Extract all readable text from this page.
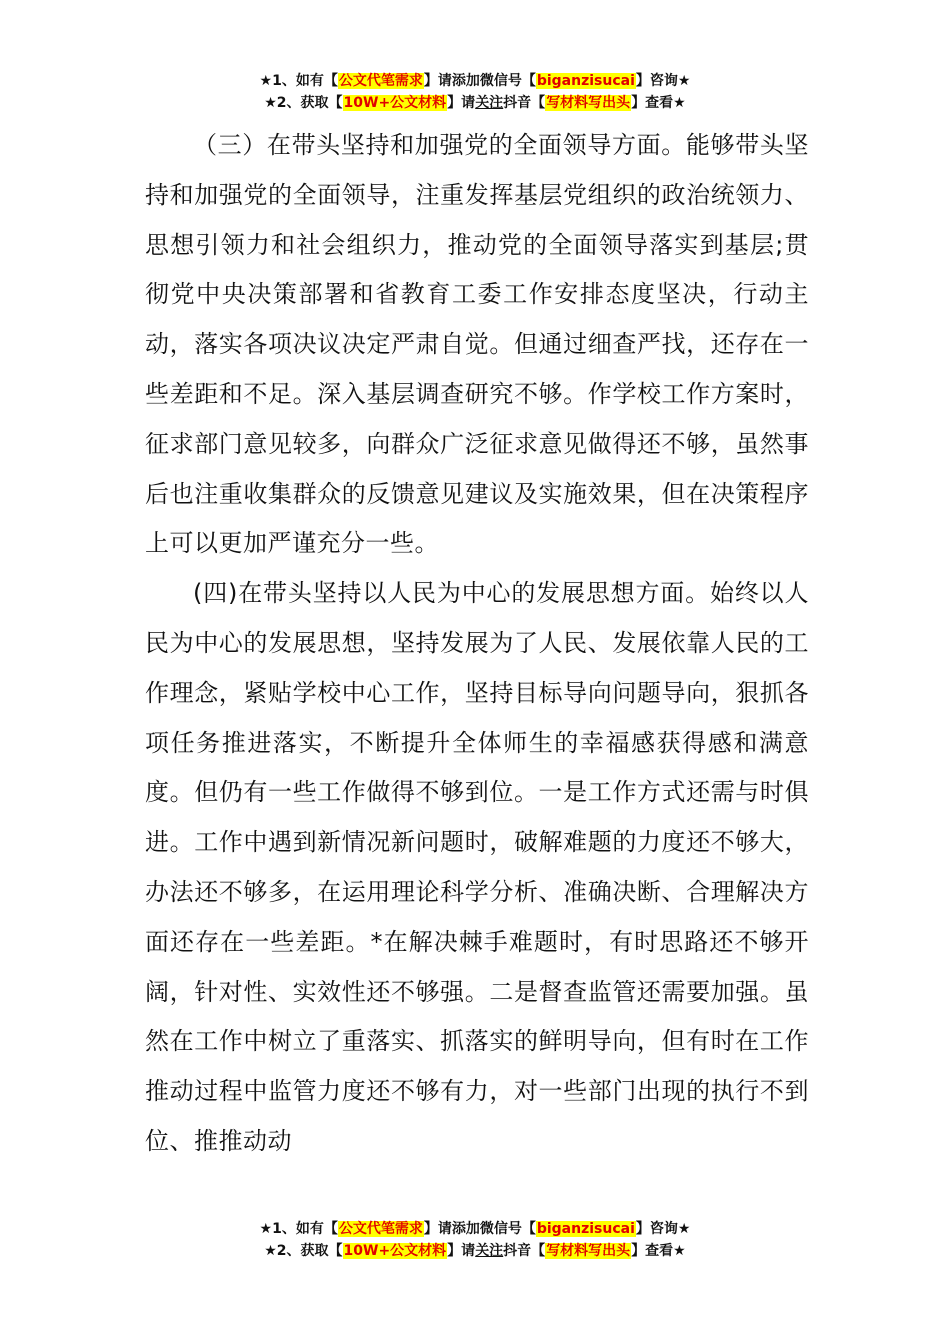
★1、如有【公文代笔需求】请添加微信号【biganzisucai】咨询★
★2、获取【10W+公文材料】请关注抖音【写材料写出头】查看★

（三）在带头坚持和加强党的全面领导方面。能够带头坚持和加强党的全面领导，注重发挥基层党组织的政治统领力、思想引领力和社会组织力，推动党的全面领导落实到基层;贯彻党中央决策部署和省教育工委工作安排态度坚决，行动主动，落实各项决议决定严肃自觉。但通过细查严找，还存在一些差距和不足。深入基层调查研究不够。作学校工作方案时，征求部门意见较多，向群众广泛征求意见做得还不够，虽然事后也注重收集群众的反馈意见建议及实施效果，但在决策程序上可以更加严谨充分一些。

(四)在带头坚持以人民为中心的发展思想方面。始终以人民为中心的发展思想，坚持发展为了人民、发展依靠人民的工作理念，紧贴学校中心工作，坚持目标导向问题导向，狠抓各项任务推进落实，不断提升全体师生的幸福感获得感和满意度。但仍有一些工作做得不够到位。一是工作方式还需与时俱进。工作中遇到新情况新问题时，破解难题的力度还不够大，办法还不够多，在运用理论科学分析、准确决断、合理解决方面还存在一些差距。*在解决棘手难题时，有时思路还不够开阔，针对性、实效性还不够强。二是督查监管还需要加强。虽然在工作中树立了重落实、抓落实的鲜明导向，但有时在工作推动过程中监管力度还不够有力，对一些部门出现的执行不到位、推推动动

★1、如有【公文代笔需求】请添加微信号【biganzisucai】咨询★
★2、获取【10W+公文材料】请关注抖音【写材料写出头】查看★
